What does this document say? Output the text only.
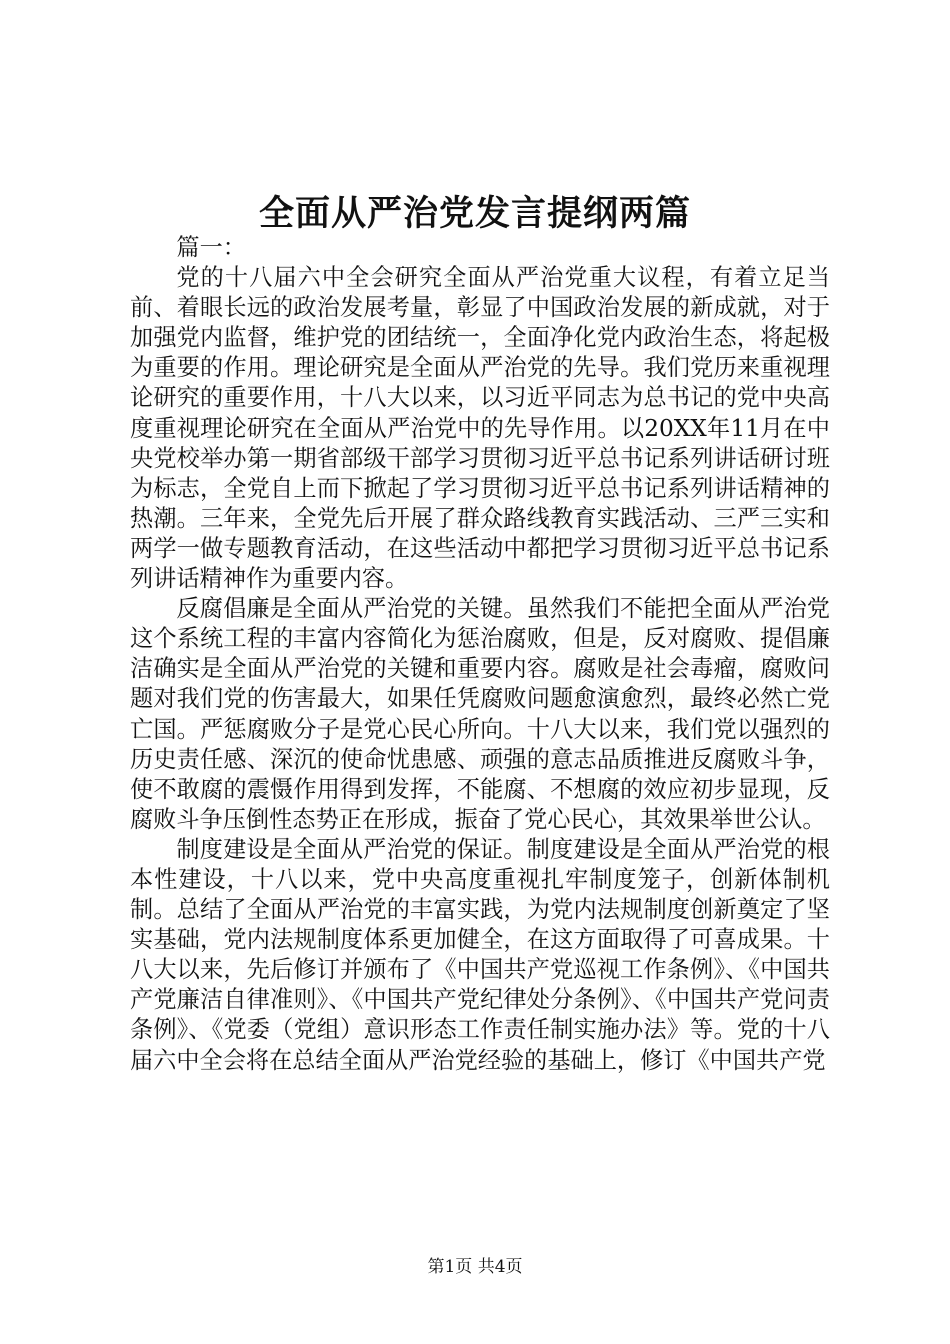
全面从严治党发言提纲两篇

篇一：

党的十八届六中全会研究全面从严治党重大议程，有着立足当前、着眼长远的政治发展考量，彰显了中国政治发展的新成就，对于加强党内监督，维护党的团结统一，全面净化党内政治生态，将起极为重要的作用。理论研究是全面从严治党的先导。我们党历来重视理论研究的重要作用，十八大以来，以习近平同志为总书记的党中央高度重视理论研究在全面从严治党中的先导作用。以20XX年11月在中央党校举办第一期省部级干部学习贯彻习近平总书记系列讲话研讨班为标志，全党自上而下掀起了学习贯彻习近平总书记系列讲话精神的热潮。三年来，全党先后开展了群众路线教育实践活动、三严三实和两学一做专题教育活动，在这些活动中都把学习贯彻习近平总书记系列讲话精神作为重要内容。

反腐倡廉是全面从严治党的关键。虽然我们不能把全面从严治党这个系统工程的丰富内容简化为惩治腐败，但是，反对腐败、提倡廉洁确实是全面从严治党的关键和重要内容。腐败是社会毒瘤，腐败问题对我们党的伤害最大，如果任凭腐败问题愈演愈烈，最终必然亡党亡国。严惩腐败分子是党心民心所向。十八大以来，我们党以强烈的历史责任感、深沉的使命忧患感、顽强的意志品质推进反腐败斗争，使不敢腐的震慑作用得到发挥，不能腐、不想腐的效应初步显现，反腐败斗争压倒性态势正在形成，振奋了党心民心，其效果举世公认。

制度建设是全面从严治党的保证。制度建设是全面从严治党的根本性建设，十八以来，党中央高度重视扎牢制度笼子，创新体制机制。总结了全面从严治党的丰富实践，为党内法规制度创新奠定了坚实基础，党内法规制度体系更加健全，在这方面取得了可喜成果。十八大以来，先后修订并颁布了《中国共产党巡视工作条例》、《中国共产党廉洁自律准则》、《中国共产党纪律处分条例》、《中国共产党问责条例》、《党委（党组）意识形态工作责任制实施办法》等。党的十八届六中全会将在总结全面从严治党经验的基础上，修订《中国共产党

第1页 共4页
